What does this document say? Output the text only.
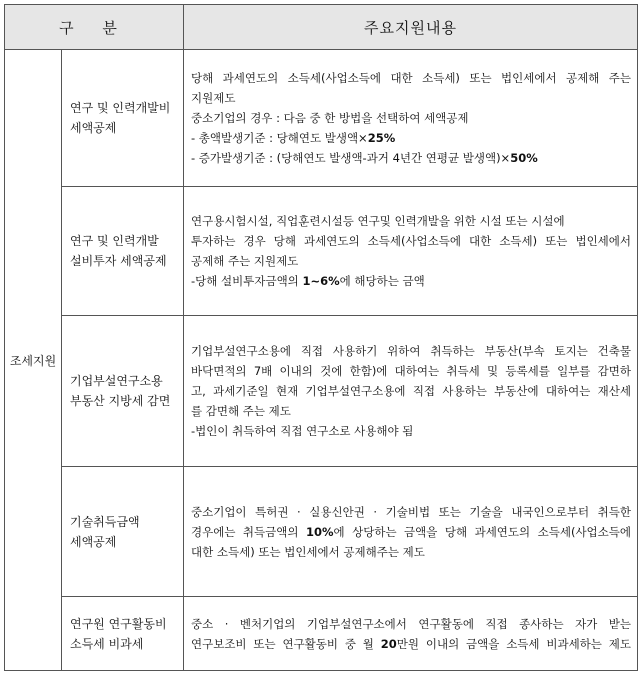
구 분		주요지원내용
조세지원	연구 및 인력개발비
세액공제	당해 과세연도의 소득세(사업소득에 대한 소득세) 또는 법인세에서 공제해 주는
지원제도
중소기업의 경우 : 다음 중 한 방법을 선택하여 세액공제
- 총액발생기준 : 당해연도 발생액×25%
- 증가발생기준 : (당해연도 발생액-과거 4년간 연평균 발생액)×50%

	연구 및 인력개발
설비투자 세액공제	연구용시험시설, 직업훈련시설등 연구및 인력개발을 위한 시설 또는 시설에
투자하는 경우 당해 과세연도의 소득세(사업소득에 대한 소득세) 또는 법인세에서
공제해 주는 지원제도
-당해 설비투자금액의 1~6%에 해당하는 금액

	기업부설연구소용
부동산 지방세 감면	기업부설연구소용에 직접 사용하기 위하여 취득하는 부동산(부속 토지는 건축물
바닥면적의 7배 이내의 것에 한함)에 대하여는 취득세 및 등록세를 일부를 감면하
고, 과세기준일 현재 기업부설연구소용에 직접 사용하는 부동산에 대하여는 재산세
를 감면해 주는 제도
-법인이 취득하여 직접 연구소로 사용해야 됨

	기술취득금액
세액공제	중소기업이 특허권 · 실용신안권 · 기술비법 또는 기술을 내국인으로부터 취득한
경우에는 취득금액의 10%에 상당하는 금액을 당해 과세연도의 소득세(사업소득에
대한 소득세) 또는 법인세에서 공제해주는 제도

	연구원 연구활동비
소득세 비과세	중소 · 벤처기업의 기업부설연구소에서 연구활동에 직접 종사하는 자가 받는
연구보조비 또는 연구활동비 중 월 20만원 이내의 금액을 소득세 비과세하는 제도
